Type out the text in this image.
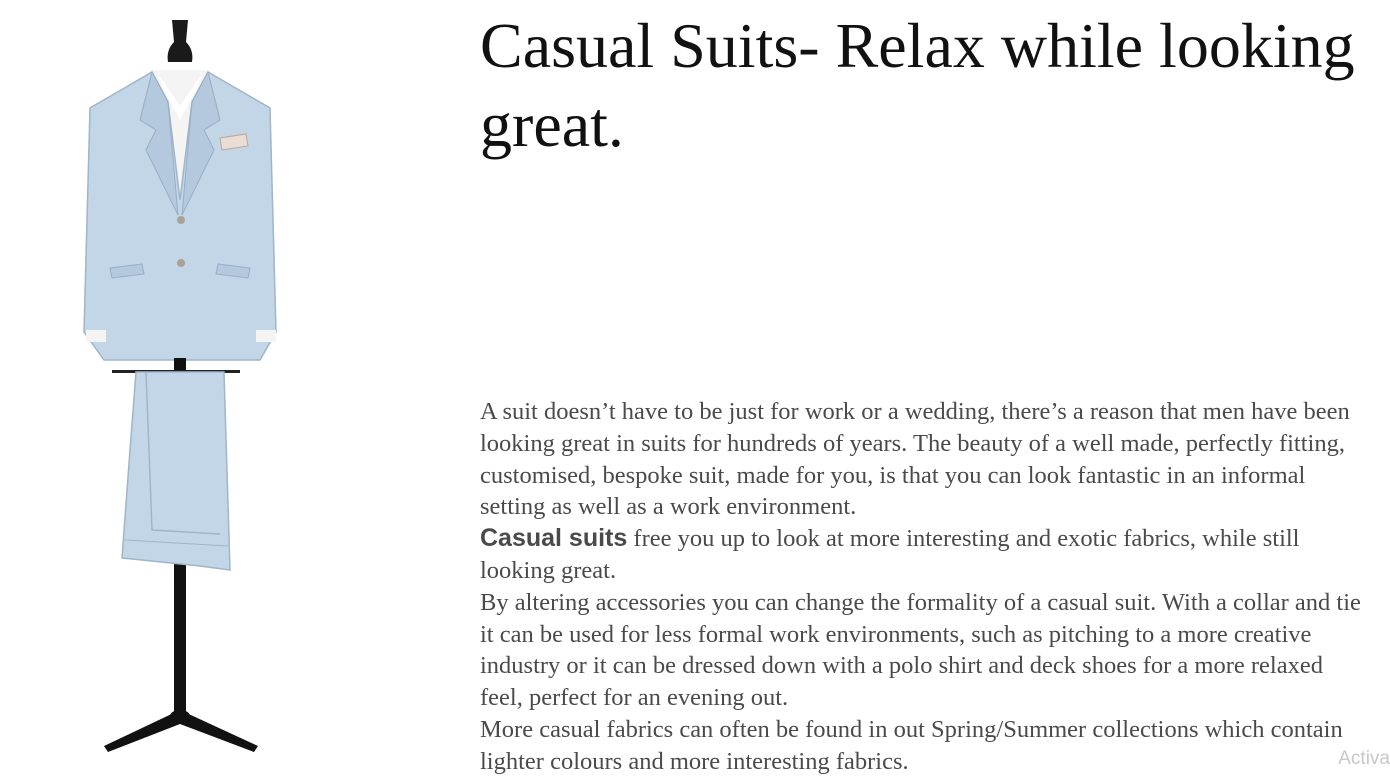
Casual Suits- Relax while looking great.

A suit doesn’t have to be just for work or a wedding, there’s a reason that men have been looking great in suits for hundreds of years. The beauty of a well made, perfectly fitting, customised, bespoke suit, made for you, is that you can look fantastic in an informal setting as well as a work environment.

Casual suits free you up to look at more interesting and exotic fabrics, while still looking great.

By altering accessories you can change the formality of a casual suit. With a collar and tie it can be used for less formal work environments, such as pitching to a more creative industry or it can be dressed down with a polo shirt and deck shoes for a more relaxed feel, perfect for an evening out.

More casual fabrics can often be found in out Spring/Summer collections which contain lighter colours and more interesting fabrics.	Activa
